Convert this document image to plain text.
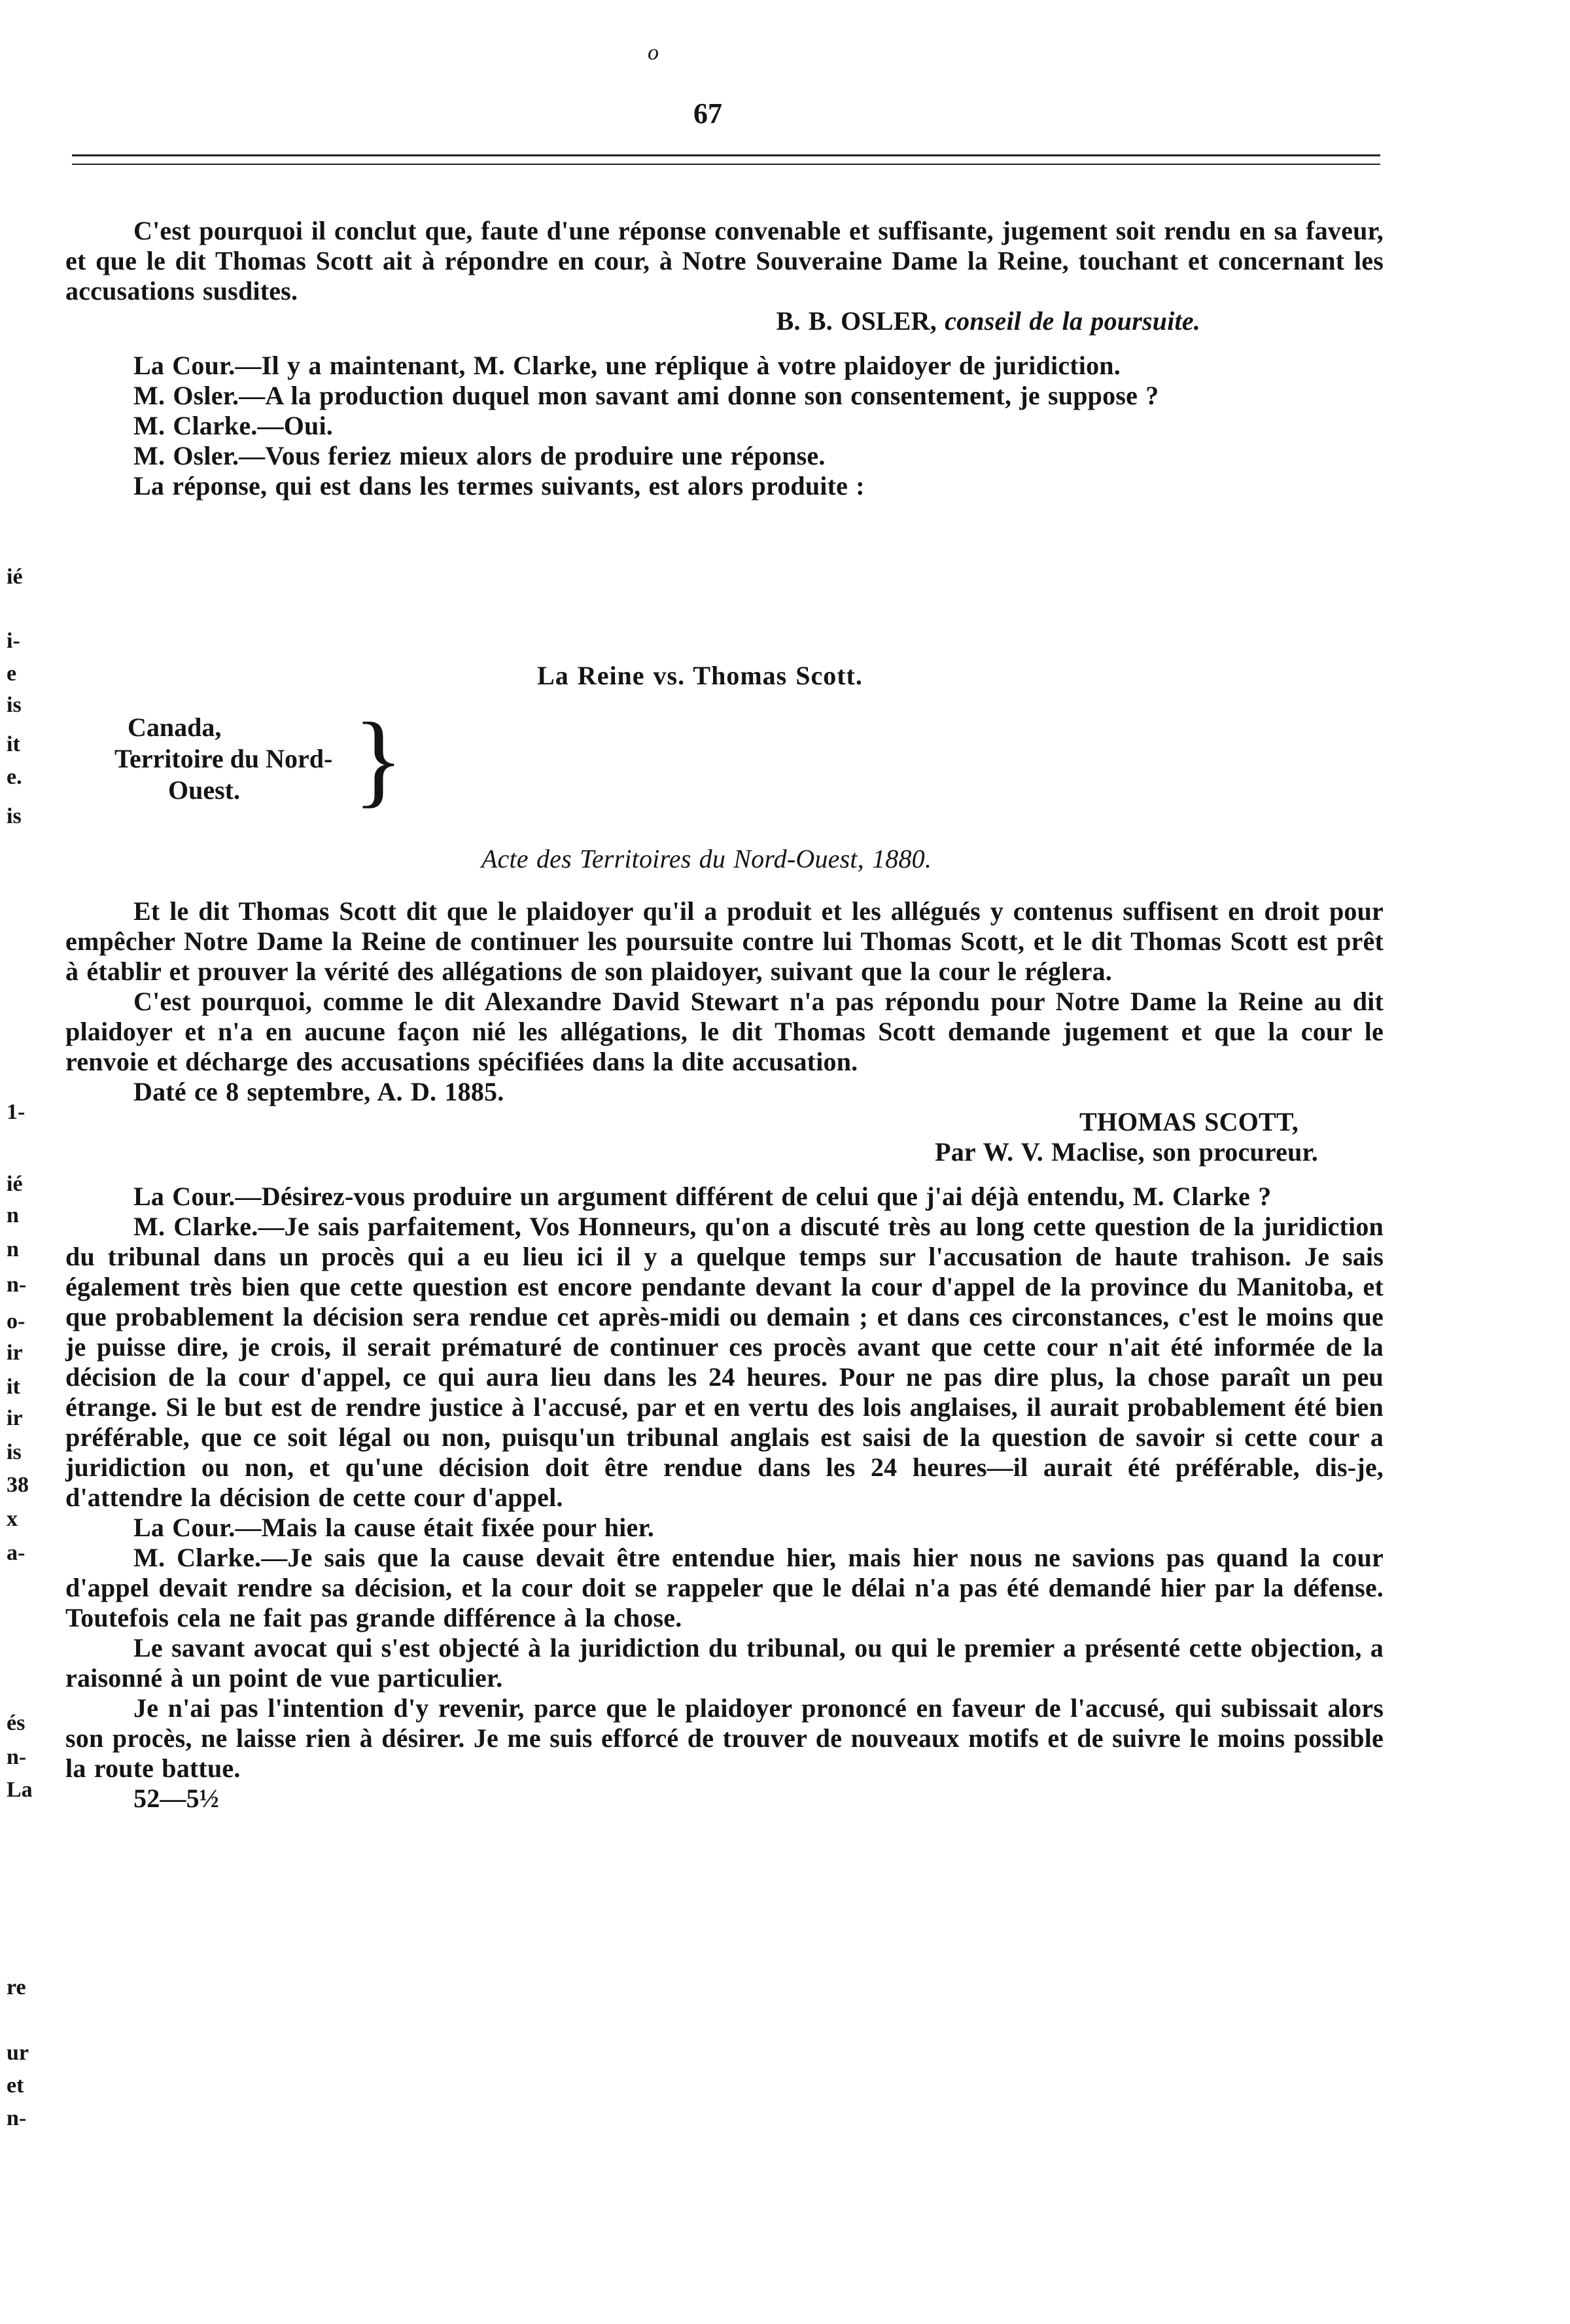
o
67

C'est pourquoi il conclut que, faute d'une réponse convenable et suffisante, jugement soit rendu en sa faveur, et que le dit Thomas Scott ait à répondre en cour, à Notre Souveraine Dame la Reine, touchant et concernant les accusations susdites.

B. B. OSLER, conseil de la poursuite.

La Cour.—Il y a maintenant, M. Clarke, une réplique à votre plaidoyer de juridiction.

M. Osler.—A la production duquel mon savant ami donne son consentement, je suppose ?

M. Clarke.—Oui.

M. Osler.—Vous feriez mieux alors de produire une réponse.

La réponse, qui est dans les termes suivants, est alors produite :

La Reine vs. Thomas Scott.
Canada,
Territoire du Nord-
Ouest.	}
Acte des Territoires du Nord-Ouest, 1880.

Et le dit Thomas Scott dit que le plaidoyer qu'il a produit et les allégués y contenus suffisent en droit pour empêcher Notre Dame la Reine de continuer les poursuite contre lui Thomas Scott, et le dit Thomas Scott est prêt à établir et prouver la vérité des allégations de son plaidoyer, suivant que la cour le réglera.

C'est pourquoi, comme le dit Alexandre David Stewart n'a pas répondu pour Notre Dame la Reine au dit plaidoyer et n'a en aucune façon nié les allégations, le dit Thomas Scott demande jugement et que la cour le renvoie et décharge des accusations spécifiées dans la dite accusation.

Daté ce 8 septembre, A. D. 1885.

THOMAS SCOTT,
Par W. V. Maclise, son procureur.

La Cour.—Désirez-vous produire un argument différent de celui que j'ai déjà entendu, M. Clarke ?

M. Clarke.—Je sais parfaitement, Vos Honneurs, qu'on a discuté très au long cette question de la juridiction du tribunal dans un procès qui a eu lieu ici il y a quelque temps sur l'accusation de haute trahison. Je sais également très bien que cette question est encore pendante devant la cour d'appel de la province du Manitoba, et que probablement la décision sera rendue cet après-midi ou demain ; et dans ces circonstances, c'est le moins que je puisse dire, je crois, il serait prématuré de continuer ces procès avant que cette cour n'ait été informée de la décision de la cour d'appel, ce qui aura lieu dans les 24 heures. Pour ne pas dire plus, la chose paraît un peu étrange. Si le but est de rendre justice à l'accusé, par et en vertu des lois anglaises, il aurait probablement été bien préférable, que ce soit légal ou non, puisqu'un tribunal anglais est saisi de la question de savoir si cette cour a juridiction ou non, et qu'une décision doit être rendue dans les 24 heures—il aurait été préférable, dis-je, d'attendre la décision de cette cour d'appel.

La Cour.—Mais la cause était fixée pour hier.

M. Clarke.—Je sais que la cause devait être entendue hier, mais hier nous ne savions pas quand la cour d'appel devait rendre sa décision, et la cour doit se rappeler que le délai n'a pas été demandé hier par la défense. Toutefois cela ne fait pas grande différence à la chose.

Le savant avocat qui s'est objecté à la juridiction du tribunal, ou qui le premier a présenté cette objection, a raisonné à un point de vue particulier.

Je n'ai pas l'intention d'y revenir, parce que le plaidoyer prononcé en faveur de l'accusé, qui subissait alors son procès, ne laisse rien à désirer. Je me suis efforcé de trouver de nouveaux motifs et de suivre le moins possible la route battue.

52—5½

ié
i-
e
is
it
e.
is
1-
ié
n
n
n-
o-
ir
it
ir
is
38
x
a-
és
n-
La
re
ur
et
n-
